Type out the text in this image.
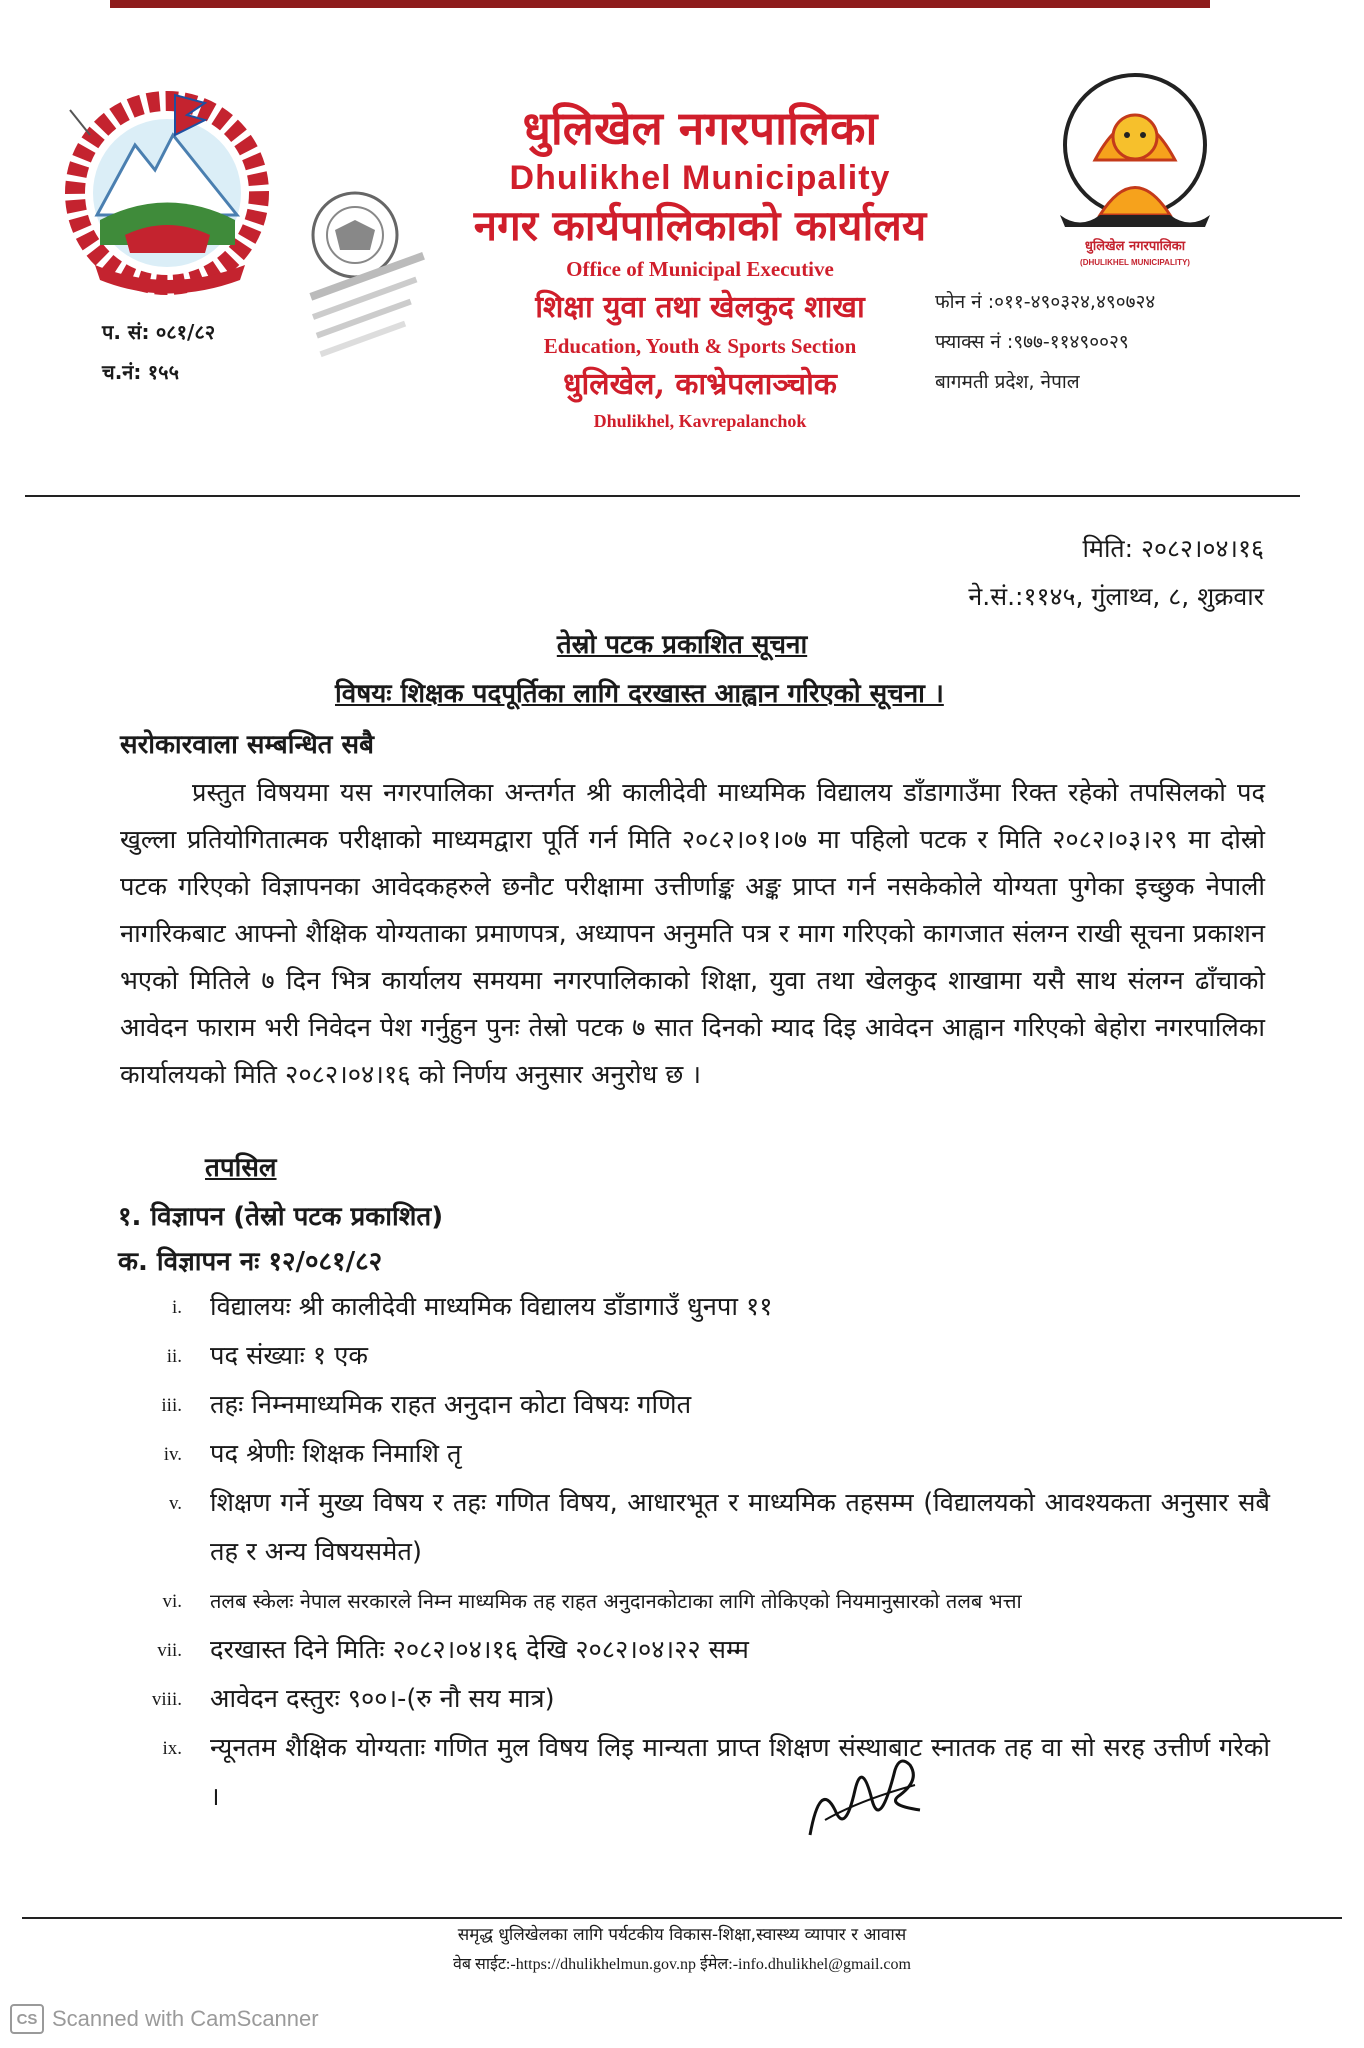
प. सं: ०८१/८२
च.नं: १५५
धुलिखेल नगरपालिका
Dhulikhel Municipality
नगर कार्यपालिकाको कार्यालय
Office of Municipal Executive
शिक्षा युवा तथा खेलकुद शाखा
Education, Youth & Sports Section
धुलिखेल, काभ्रेपलाञ्चोक
Dhulikhel, Kavrepalanchok
धुलिखेल नगरपालिका
(DHULIKHEL MUNICIPALITY)
फोन नं :०११-४९०३२४,४९०७२४
फ्याक्स नं :९७७-११४९००२९
बागमती प्रदेश, नेपाल
मिति: २०८२।०४।१६
ने.सं.:११४५, गुंलाथ्व, ८, शुक्रवार
तेस्रो पटक प्रकाशित सूचना
विषयः शिक्षक पदपूर्तिका लागि दरखास्त आह्वान गरिएको सूचना ।
सरोकारवाला सम्बन्धित सबै
प्रस्तुत विषयमा यस नगरपालिका अन्तर्गत श्री कालीदेवी माध्यमिक विद्यालय डाँडागाउँमा रिक्त रहेको तपसिलको पद खुल्ला प्रतियोगितात्मक परीक्षाको माध्यमद्वारा पूर्ति गर्न मिति २०८२।०१।०७ मा पहिलो पटक र मिति २०८२।०३।२९ मा दोस्रो पटक गरिएको विज्ञापनका आवेदकहरुले छनौट परीक्षामा उत्तीर्णाङ्क अङ्क प्राप्त गर्न नसकेकोले योग्यता पुगेका इच्छुक नेपाली नागरिकबाट आफ्नो शैक्षिक योग्यताका प्रमाणपत्र, अध्यापन अनुमति पत्र र माग गरिएको कागजात संलग्न राखी सूचना प्रकाशन भएको मितिले ७ दिन भित्र कार्यालय समयमा नगरपालिकाको शिक्षा, युवा तथा खेलकुद शाखामा यसै साथ संलग्न ढाँचाको आवेदन फाराम भरी निवेदन पेश गर्नुहुन पुनः तेस्रो पटक ७ सात दिनको म्याद दिइ आवेदन आह्वान गरिएको बेहोरा नगरपालिका कार्यालयको मिति २०८२।०४।१६ को निर्णय अनुसार अनुरोध छ ।
तपसिल
१. विज्ञापन (तेस्रो पटक प्रकाशित)
क. विज्ञापन नः १२/०८१/८२
i. विद्यालयः श्री कालीदेवी माध्यमिक विद्यालय डाँडागाउँ धुनपा ११
ii. पद संख्याः १ एक
iii. तहः निम्नमाध्यमिक राहत अनुदान कोटा विषयः गणित
iv. पद श्रेणीः शिक्षक निमाशि तृ
v. शिक्षण गर्ने मुख्य विषय र तहः गणित विषय, आधारभूत र माध्यमिक तहसम्म (विद्यालयको आवश्यकता अनुसार सबै तह र अन्य विषयसमेत)
vi. तलब स्केलः नेपाल सरकारले निम्न माध्यमिक तह राहत अनुदानकोटाका लागि तोकिएको नियमानुसारको तलब भत्ता
vii. दरखास्त दिने मितिः २०८२।०४।१६ देखि २०८२।०४।२२ सम्म
viii. आवेदन दस्तुरः ९००।-(रु नौ सय मात्र)
ix. न्यूनतम शैक्षिक योग्यताः गणित मुल विषय लिइ मान्यता प्राप्त शिक्षण संस्थाबाट स्नातक तह वा सो सरह उत्तीर्ण गरेको ।
समृद्ध धुलिखेलका लागि पर्यटकीय विकास-शिक्षा,स्वास्थ्य व्यापार र आवास
वेब साईट:-https://dhulikhelmun.gov.np ईमेल:-info.dhulikhel@gmail.com
CS Scanned with CamScanner
